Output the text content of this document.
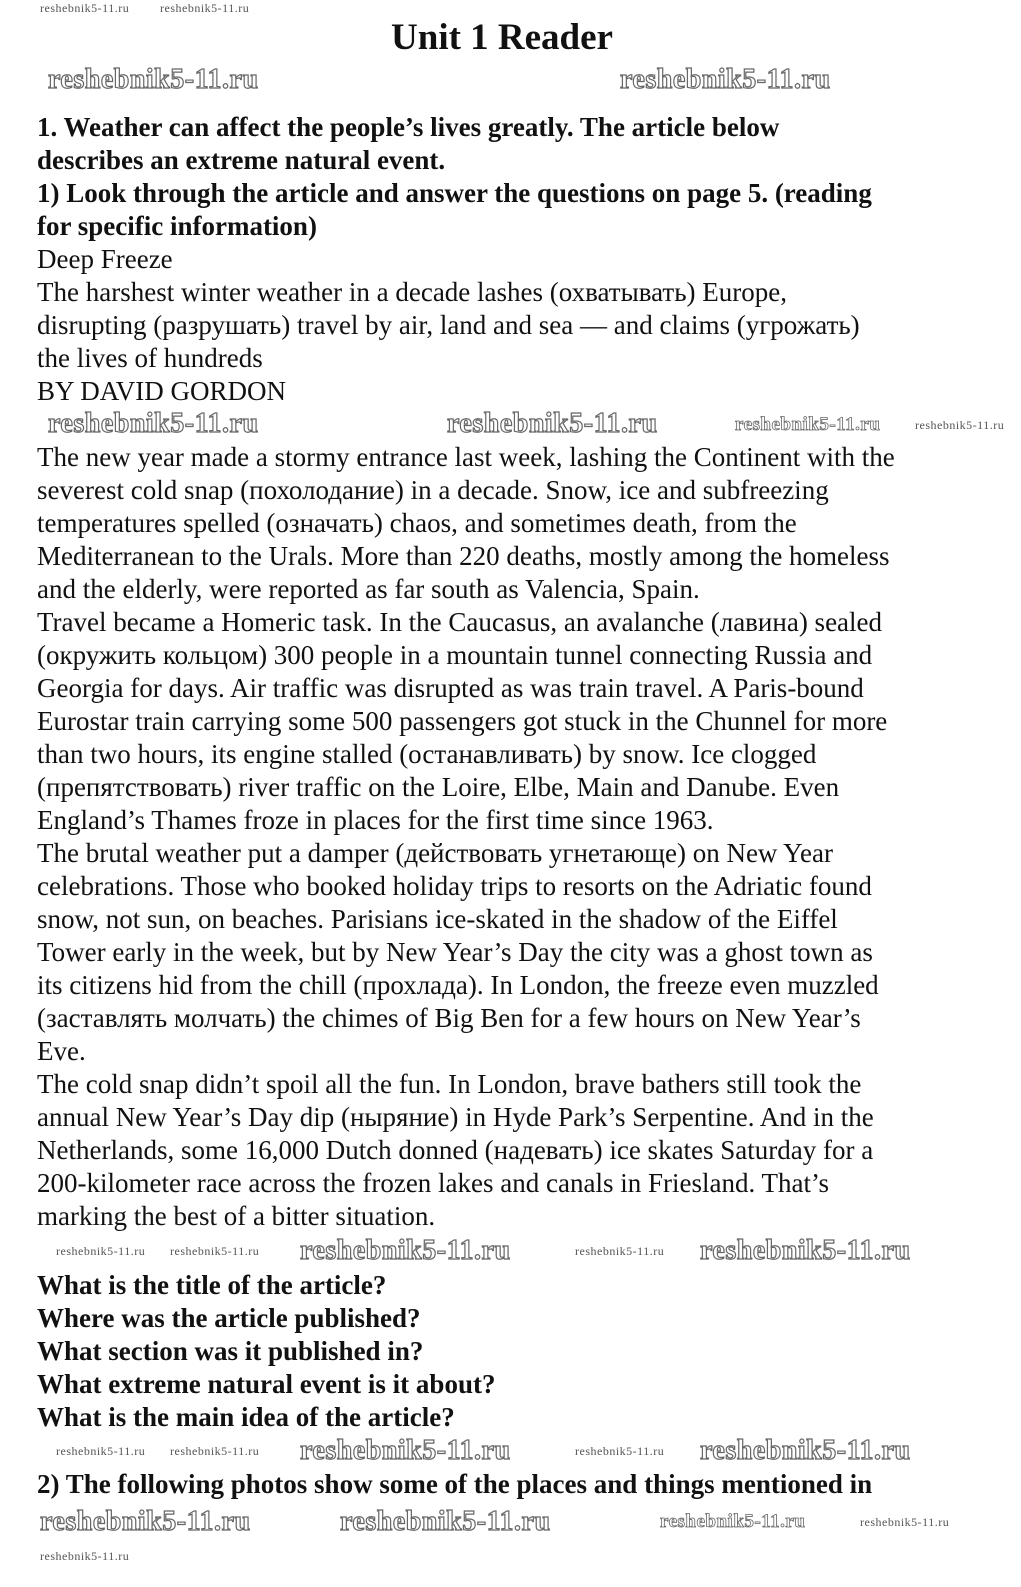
Unit 1 Reader
1. Weather can affect the people’s lives greatly. The article below
describes an extreme natural event.
1) Look through the article and answer the questions on page 5. (reading
for specific information)
Deep Freeze
The harshest winter weather in a decade lashes (охватывать) Europe,
disrupting (разрушать) travel by air, land and sea — and claims (угрожать)
the lives of hundreds
BY DAVID GORDON
The new year made a stormy entrance last week, lashing the Continent with the
severest cold snap (похолодание) in a decade. Snow, ice and subfreezing
temperatures spelled (означать) chaos, and sometimes death, from the
Mediterranean to the Urals. More than 220 deaths, mostly among the homeless
and the elderly, were reported as far south as Valencia, Spain.
Travel became a Homeric task. In the Caucasus, an avalanche (лавина) sealed
(окружить кольцом) 300 people in a mountain tunnel connecting Russia and
Georgia for days. Air traffic was disrupted as was train travel. A Paris-bound
Eurostar train carrying some 500 passengers got stuck in the Chunnel for more
than two hours, its engine stalled (останавливать) by snow. Ice clogged
(препятствовать) river traffic on the Loire, Elbe, Main and Danube. Even
England’s Thames froze in places for the first time since 1963.
The brutal weather put a damper (действовать угнетающе) on New Year
celebrations. Those who booked holiday trips to resorts on the Adriatic found
snow, not sun, on beaches. Parisians ice-skated in the shadow of the Eiffel
Tower early in the week, but by New Year’s Day the city was a ghost town as
its citizens hid from the chill (прохлада). In London, the freeze even muzzled
(заставлять молчать) the chimes of Big Ben for a few hours on New Year’s
Eve.
The cold snap didn’t spoil all the fun. In London, brave bathers still took the
annual New Year’s Day dip (ныряние) in Hyde Park’s Serpentine. And in the
Netherlands, some 16,000 Dutch donned (надевать) ice skates Saturday for a
200-kilometer race across the frozen lakes and canals in Friesland. That’s
marking the best of a bitter situation.
What is the title of the article?
Where was the article published?
What section was it published in?
What extreme natural event is it about?
What is the main idea of the article?
2) The following photos show some of the places and things mentioned in
reshebnik5-11.ru	reshebnik5-11.ru
reshebnik5-11.ru	reshebnik5-11.ru
reshebnik5-11.ru	reshebnik5-11.ru	reshebnik5-11.ru	reshebnik5-11.ru
reshebnik5-11.ru reshebnik5-11.ru reshebnik5-11.ru	reshebnik5-11.ru reshebnik5-11.ru
reshebnik5-11.ru reshebnik5-11.ru reshebnik5-11.ru	reshebnik5-11.ru reshebnik5-11.ru
reshebnik5-11.ru	reshebnik5-11.ru	reshebnik5-11.ru	reshebnik5-11.ru
reshebnik5-11.ru
